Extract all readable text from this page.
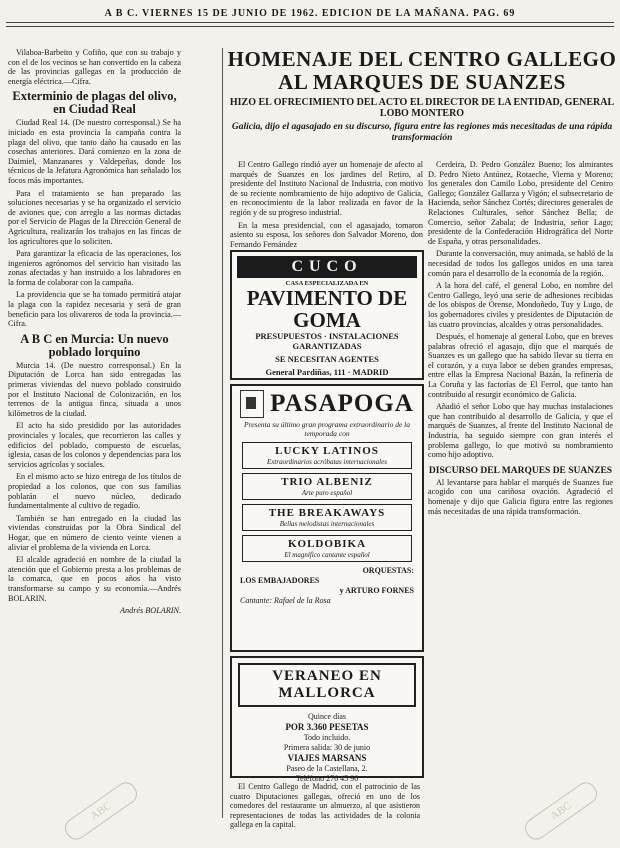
A B C. VIERNES 15 DE JUNIO DE 1962. EDICION DE LA MAÑANA. PAG. 69

Vilaboa-Barbeito y Cofiño, que con su trabajo y con el de los vecinos se han convertido en la cabeza de las provincias gallegas en la producción de energía eléctrica.—Cifra.

Exterminio de plagas del olivo, en Ciudad Real

Ciudad Real 14. (De nuestro corresponsal.) Se ha iniciado en esta provincia la campaña contra la plaga del olivo, que tanto daño ha causado en las cosechas anteriores. Dará comienzo en la zona de Daimiel, Manzanares y Valdepeñas, donde los técnicos de la Jefatura Agronómica han señalado los focos más importantes.

Para el tratamiento se han preparado las soluciones necesarias y se ha organizado el servicio de aviones que, con arreglo a las normas dictadas por el Servicio de Plagas de la Dirección General de Agricultura, realizarán los trabajos en las fincas de los agricultores que lo soliciten.

Para garantizar la eficacia de las operaciones, los ingenieros agrónomos del servicio han visitado las zonas afectadas y han instruido a los labradores en la forma de colaborar con la campaña.

La providencia que se ha tomado permitirá atajar la plaga con la rapidez necesaria y será de gran beneficio para los olivareros de toda la provincia.—Cifra.

A B C en Murcia: Un nuevo poblado lorquino

Murcia 14. (De nuestro corresponsal.) En la Diputación de Lorca han sido entregadas las primeras viviendas del nuevo poblado construido por el Instituto Nacional de Colonización, en los terrenos de la antigua finca, situada a unos kilómetros de la ciudad.

El acto ha sido presidido por las autoridades provinciales y locales, que recorrieron las calles y edificios del poblado, compuesto de escuelas, iglesia, casas de los colonos y dependencias para los servicios agrícolas y sociales.

En el mismo acto se hizo entrega de los títulos de propiedad a los colonos, que con sus familias poblarán el nuevo núcleo, dedicado fundamentalmente al cultivo de regadío.

También se han entregado en la ciudad las viviendas construidas por la Obra Sindical del Hogar, que en número de ciento veinte vienen a aliviar el problema de la vivienda en Lorca.

El alcalde agradeció en nombre de la ciudad la atención que el Gobierno presta a los problemas de la comarca, que en pocos años ha visto transformarse su campo y su economía.—Andrés BOLARIN.

Andrés BOLARIN.
HOMENAJE DEL CENTRO GALLEGO AL MARQUES DE SUANZES
HIZO EL OFRECIMIENTO DEL ACTO EL DIRECTOR DE LA ENTIDAD, GENERAL LOBO MONTERO
Galicia, dijo el agasajado en su discurso, figura entre las regiones más necesitadas de una rápida transformación

El Centro Gallego rindió ayer un homenaje de afecto al marqués de Suanzes en los jardines del Retiro, al presidente del Instituto Nacional de Industria, con motivo de su reciente nombramiento de hijo adoptivo de Galicia, en reconocimiento de la labor realizada en favor de la región y de su progreso industrial.

En la mesa presidencial, con el agasajado, tomaron asiento su esposa, los señores don Salvador Moreno, don Fernando Fernández

El Centro Gallego de Madrid, con el patrocinio de las cuatro Diputaciones gallegas, ofreció en uno de los comedores del restaurante un almuerzo, al que asistieron representaciones de todas las actividades de la colonia gallega en la capital.

Cerdeira, D. Pedro González Bueno; los almirantes D. Pedro Nieto Antúnez, Rotaeche, Vierna y Moreno; los generales don Camilo Lobo, presidente del Centro Gallego; González Gallarza y Vigón; el subsecretario de Hacienda, señor Sánchez Cortés; directores generales de Relaciones Culturales, señor Sánchez Bella; de Comercio, señor Zabala; de Industria, señor Lago; presidente de la Confederación Hidrográfica del Norte de España, y otras personalidades.

Durante la conversación, muy animada, se habló de la necesidad de todos los gallegos unidos en una tarea común para el desarrollo de la economía de la región.

A la hora del café, el general Lobo, en nombre del Centro Gallego, leyó una serie de adhesiones recibidas de los obispos de Orense, Mondoñedo, Tuy y Lugo, de los gobernadores civiles y presidentes de Diputación de las cuatro provincias, alcaldes y otras personalidades.

Después, el homenaje al general Lobo, que en breves palabras ofreció el agasajo, dijo que el marqués de Suanzes es un gallego que ha sabido llevar su tierra en el corazón, y a cuya labor se deben grandes empresas, entre ellas la Empresa Nacional Bazán, la refinería de La Coruña y las factorías de El Ferrol, que tanto han contribuido al resurgir económico de Galicia.

Añadió el señor Lobo que hay muchas instalaciones que han contribuido al desarrollo de Galicia, y que el marqués de Suanzes, al frente del Instituto Nacional de Industria, ha seguido siempre con gran interés el problema gallego, lo que motivó su nombramiento como hijo adoptivo.

DISCURSO DEL MARQUES DE SUANZES

Al levantarse para hablar el marqués de Suanzes fue acogido con una cariñosa ovación. Agradeció el homenaje y dijo que Galicia figura entre las regiones más necesitadas de una rápida transformación.

CUCO
CASA ESPECIALIZADA EN
PAVIMENTO DE GOMA
PRESUPUESTOS · INSTALACIONES GARANTIZADAS
SE NECESITAN AGENTES
General Pardiñas, 111 · MADRID
PASAPOGA
Presenta su último gran programa extraordinario de la temporada con
LUCKY LATINOS
Extraordinarios acróbatas internacionales
TRIO ALBENIZ
Arte puro español
THE BREAKAWAYS
Bellas melodistas internacionales
KOLDOBIKA
El magnífico cantante español
ORQUESTAS:
LOS EMBAJADORES
y ARTURO FORNES
Cantante: Rafael de la Rosa
VERANEO EN MALLORCA
Quince días
POR 3.360 PESETAS
Todo incluido.
Primera salida: 30 de junio
VIAJES MARSANS
Paseo de la Castellana, 2.
Teléfono 276 45 96
ABC	ABC
